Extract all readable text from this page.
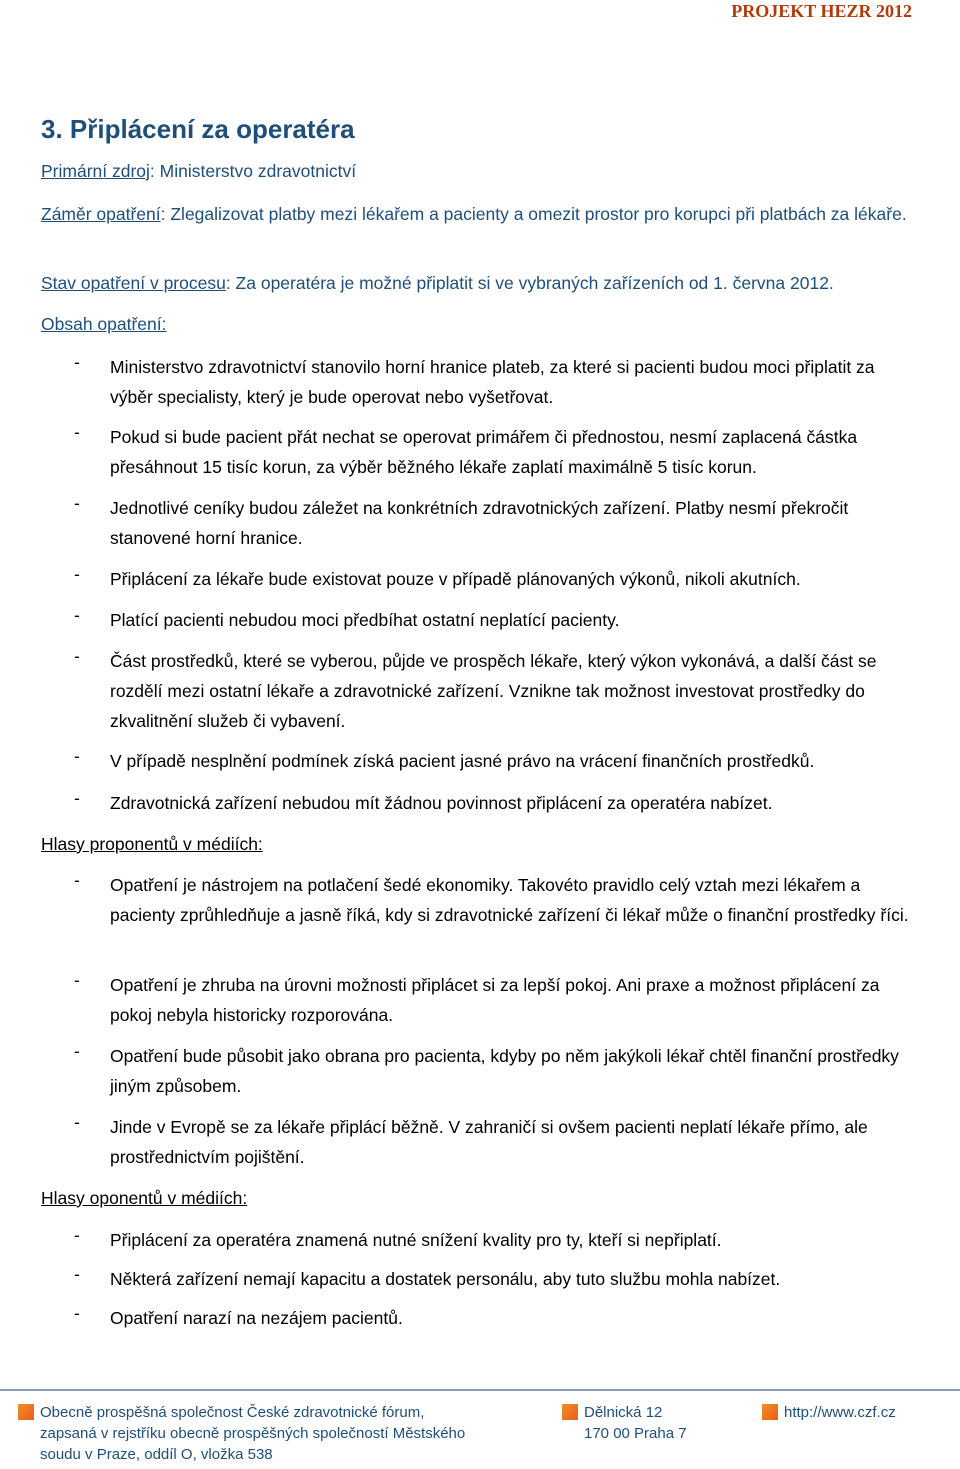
PROJEKT HEZR 2012
3. Připlácení za operatéra
Primární zdroj: Ministerstvo zdravotnictví
Záměr opatření: Zlegalizovat platby mezi lékařem a pacienty a omezit prostor pro korupci při platbách za lékaře.
Stav opatření v procesu: Za operatéra je možné připlatit si ve vybraných zařízeních od 1. června 2012.
Obsah opatření:
- Ministerstvo zdravotnictví stanovilo horní hranice plateb, za které si pacienti budou moci připlatit za výběr specialisty, který je bude operovat nebo vyšetřovat.
- Pokud si bude pacient přát nechat se operovat primářem či přednostou, nesmí zaplacená částka přesáhnout 15 tisíc korun, za výběr běžného lékaře zaplatí maximálně 5 tisíc korun.
- Jednotlivé ceníky budou záležet na konkrétních zdravotnických zařízení. Platby nesmí překročit stanovené horní hranice.
- Připlácení za lékaře bude existovat pouze v případě plánovaných výkonů, nikoli akutních.
- Platící pacienti nebudou moci předbíhat ostatní neplatící pacienty.
- Část prostředků, které se vyberou, půjde ve prospěch lékaře, který výkon vykonává, a další část se rozdělí mezi ostatní lékaře a zdravotnické zařízení. Vznikne tak možnost investovat prostředky do zkvalitnění služeb či vybavení.
- V případě nesplnění podmínek získá pacient jasné právo na vrácení finančních prostředků.
- Zdravotnická zařízení nebudou mít žádnou povinnost připlácení za operatéra nabízet.
Hlasy proponentů v médiích:
- Opatření je nástrojem na potlačení šedé ekonomiky. Takovéto pravidlo celý vztah mezi lékařem a pacienty zprůhledňuje a jasně říká, kdy si zdravotnické zařízení či lékař může o finanční prostředky říci.
- Opatření je zhruba na úrovni možnosti připlácet si za lepší pokoj. Ani praxe a možnost připlácení za pokoj nebyla historicky rozporována.
- Opatření bude působit jako obrana pro pacienta, kdyby po něm jakýkoli lékař chtěl finanční prostředky jiným způsobem.
- Jinde v Evropě se za lékaře připlácí běžně. V zahraničí si ovšem pacienti neplatí lékaře přímo, ale prostřednictvím pojištění.
Hlasy oponentů v médiích:
- Připlácení za operatéra znamená nutné snížení kvality pro ty, kteří si nepřiplatí.
- Některá zařízení nemají kapacitu a dostatek personálu, aby tuto službu mohla nabízet.
- Opatření narazí na nezájem pacientů.
Obecně prospěšná společnost České zdravotnické fórum,
zapsaná v rejstříku obecně prospěšných společností Městského
soudu v Praze, oddíl O, vložka 538
Dělnická 12
170 00 Praha 7
http://www.czf.cz
